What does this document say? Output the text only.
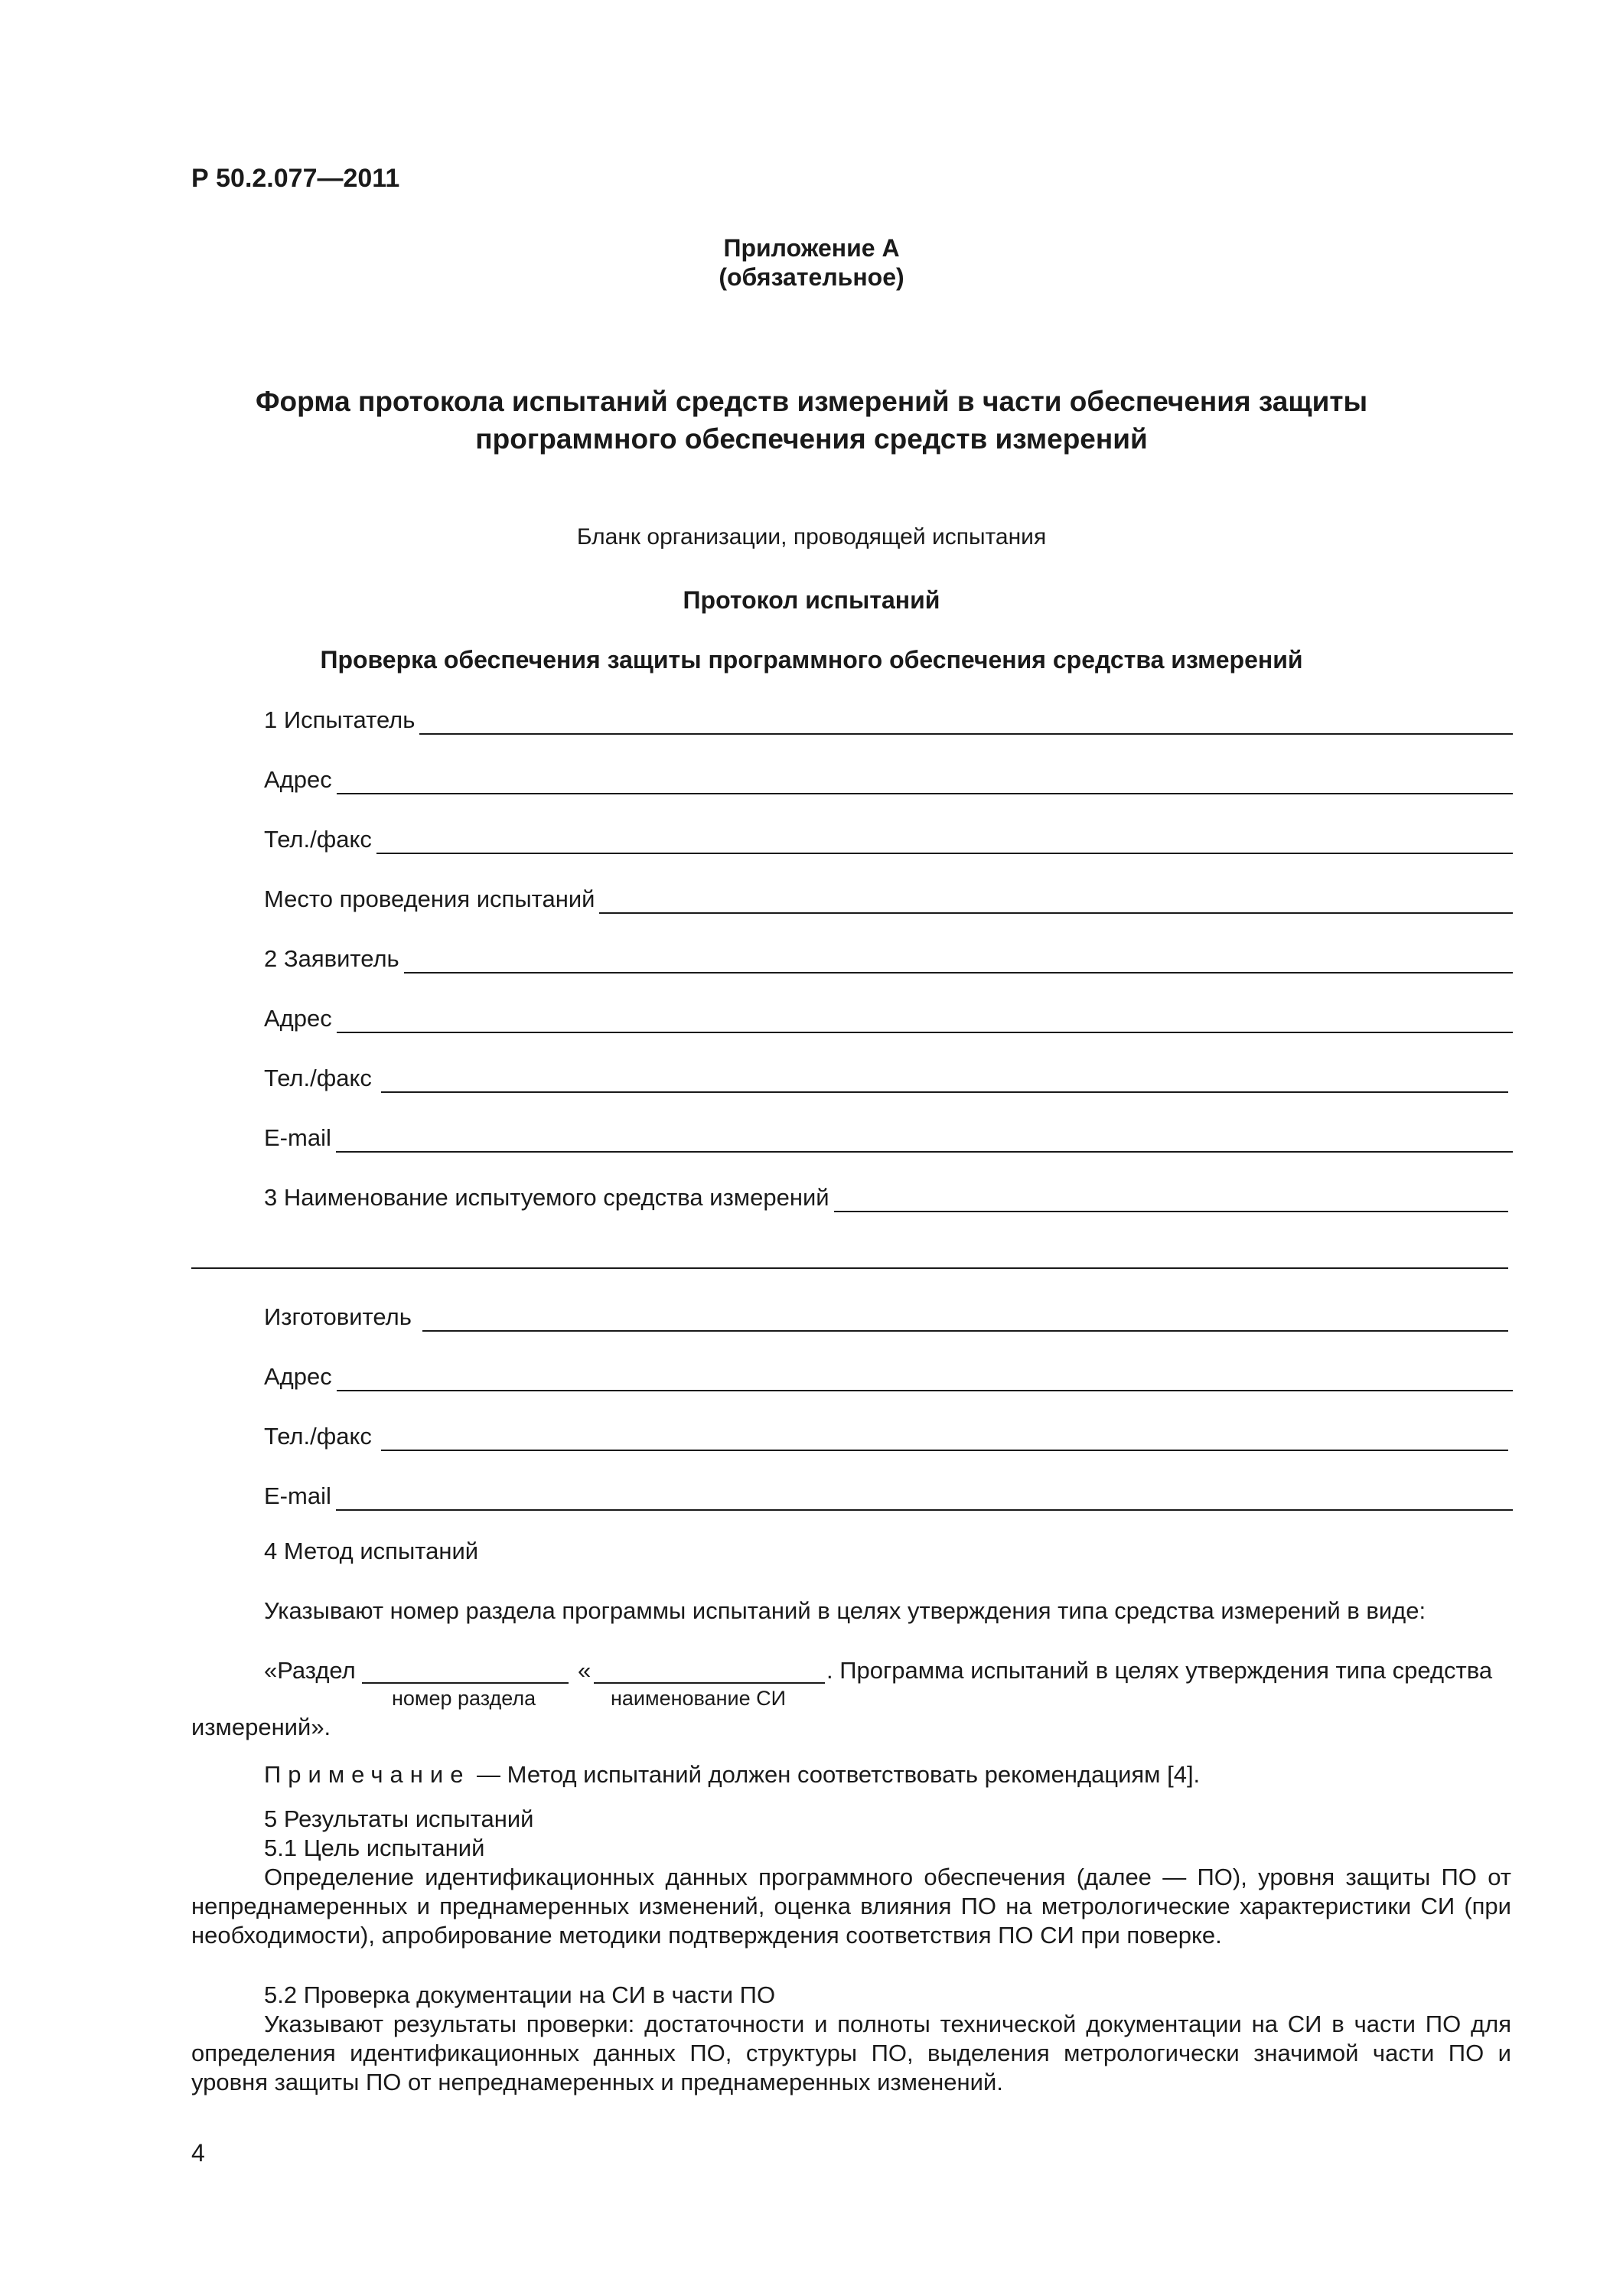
Р 50.2.077—2011
Приложение А
(обязательное)
Форма протокола испытаний средств измерений в части обеспечения защиты
программного обеспечения средств измерений
Бланк организации, проводящей испытания
Протокол испытаний
Проверка обеспечения защиты программного обеспечения средства измерений
1 Испытатель
Адрес
Тел./факс
Место проведения испытаний
2 Заявитель
Адрес
Тел./факс
E-mail
3 Наименование испытуемого средства измерений
Изготовитель
Адрес
Тел./факс
E-mail
4 Метод испытаний
Указывают номер раздела программы испытаний в целях утверждения типа средства измерений в виде:
«Раздел	«	. Программа испытаний в целях утверждения типа средства
номер раздела	наименование СИ
измерений».
Примечание — Метод испытаний должен соответствовать рекомендациям [4].
5 Результаты испытаний
5.1 Цель испытаний
Определение идентификационных данных программного обеспечения (далее — ПО), уровня защиты ПО от непреднамеренных и преднамеренных изменений, оценка влияния ПО на метрологические характеристики СИ (при необходимости), апробирование методики подтверждения соответствия ПО СИ при поверке.
5.2 Проверка документации на СИ в части ПО
Указывают результаты проверки: достаточности и полноты технической документации на СИ в части ПО для определения идентификационных данных ПО, структуры ПО, выделения метрологически значимой части ПО и уровня защиты ПО от непреднамеренных и преднамеренных изменений.
4
